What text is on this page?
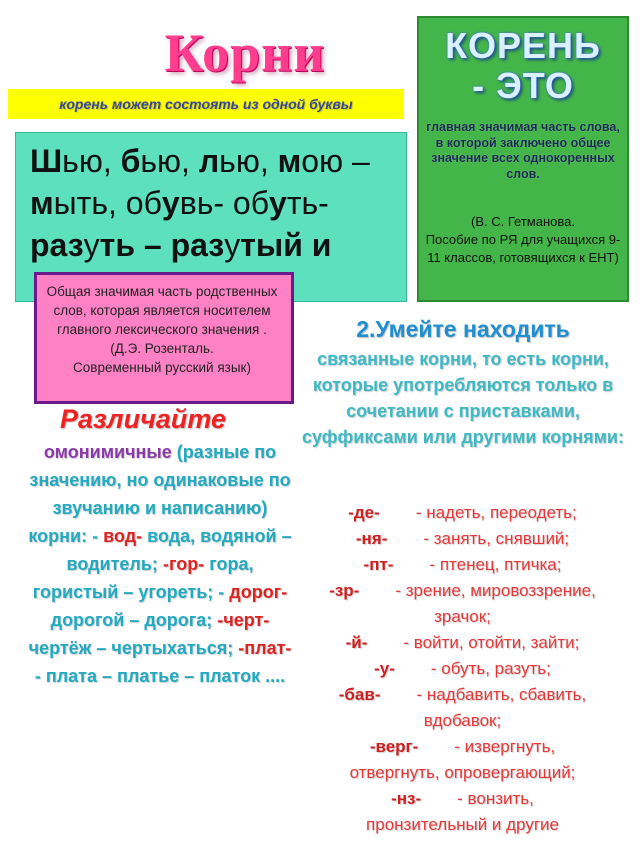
Корни
корень может состоять из одной буквы
Шью, бью, лью, мою –
мыть, обувь- обуть-
разуть – разутый и
Общая значимая часть родственных слов, которая является носителем главного лексического значения .
(Д.Э. Розенталь.
Современный русский язык)
КОРЕНЬ
- ЭТО
главная значимая часть слова, в которой заключено общее значение всех однокоренных слов.
(В. С. Гетманова.
Пособие по РЯ для учащихся 9-11 классов, готовящихся к ЕНТ)
2.Умейте находить
связанные корни, то есть корни, которые употребляются только в сочетании с приставками, суффиксами или другими корнями:
-де- - надеть, переодеть;
-ня- - занять, снявший;
-пт- - птенец, птичка;
-зр- - зрение, мировоззрение,
зрачок;
-й- - войти, отойти, зайти;
-у- - обуть, разуть;
-бав- - надбавить, сбавить,
вдобавок;
-верг- - извергнуть,
отвергнуть, опровергающий;
-нз- - вонзить,
пронзительный и другие
Различайте
омонимичные (разные по значению, но одинаковые по звучанию и написанию) корни: - вод- вода, водяной – водитель; -гор- гора, гористый – угореть; - дорог- дорогой – дорога; -черт- чертёж – чертыхаться; -плат- - плата – платье – платок ....
